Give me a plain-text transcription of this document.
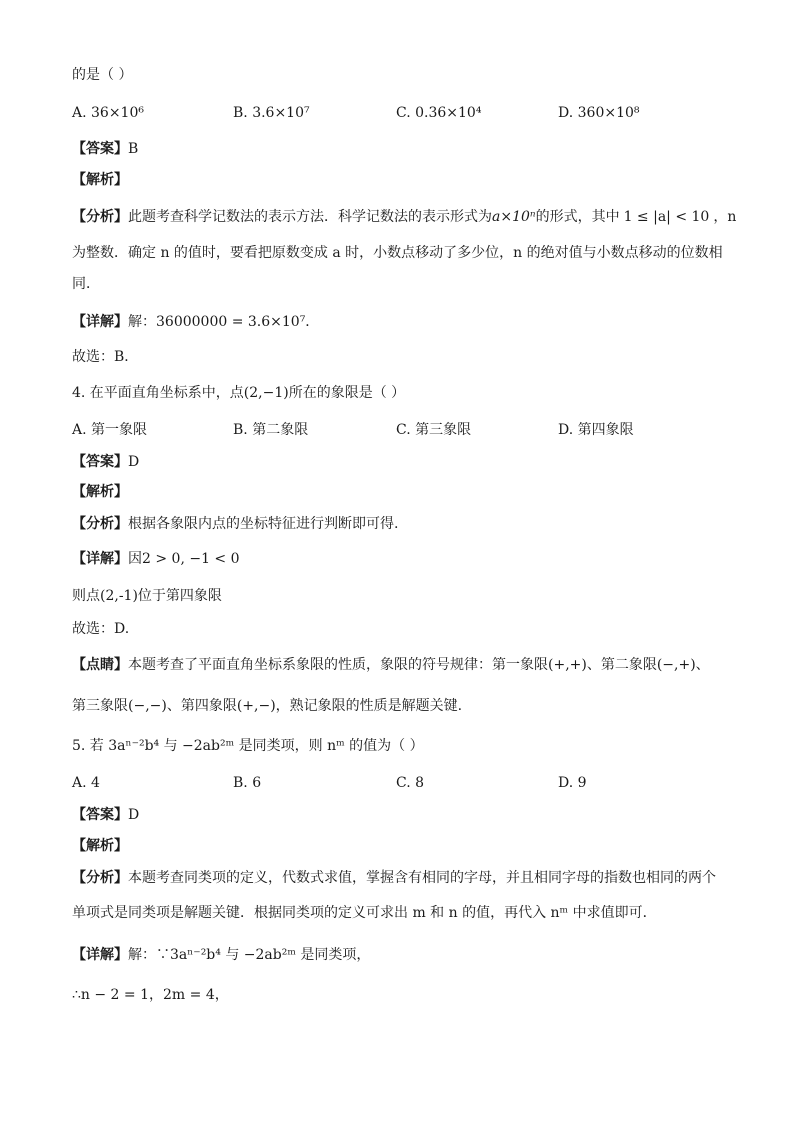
的是（ ）
A. 36×10⁶	B. 3.6×10⁷	C. 0.36×10⁴	D. 360×10⁸
【答案】B
【解析】
【分析】此题考查科学记数法的表示方法．科学记数法的表示形式为a×10ⁿ的形式，其中 1 ≤ |a| < 10 ，n
为整数．确定 n 的值时，要看把原数变成 a 时，小数点移动了多少位，n 的绝对值与小数点移动的位数相
同．
【详解】解：36000000 = 3.6×10⁷．
故选：B．
4. 在平面直角坐标系中，点(2,−1)所在的象限是（ ）
A. 第一象限	B. 第二象限	C. 第三象限	D. 第四象限
【答案】D
【解析】
【分析】根据各象限内点的坐标特征进行判断即可得.
【详解】因2 > 0, −1 < 0
则点(2,-1)位于第四象限
故选：D.
【点睛】本题考查了平面直角坐标系象限的性质，象限的符号规律：第一象限(+,+)、第二象限(−,+)、
第三象限(−,−)、第四象限(+,−)，熟记象限的性质是解题关键.
5. 若 3aⁿ⁻²b⁴ 与 −2ab²ᵐ 是同类项，则 nᵐ 的值为（ ）
A. 4	B. 6	C. 8	D. 9
【答案】D
【解析】
【分析】本题考查同类项的定义，代数式求值，掌握含有相同的字母，并且相同字母的指数也相同的两个
单项式是同类项是解题关键．根据同类项的定义可求出 m 和 n 的值，再代入 nᵐ 中求值即可．
【详解】解：∵3aⁿ⁻²b⁴ 与 −2ab²ᵐ 是同类项，
∴n − 2 = 1，2m = 4，
